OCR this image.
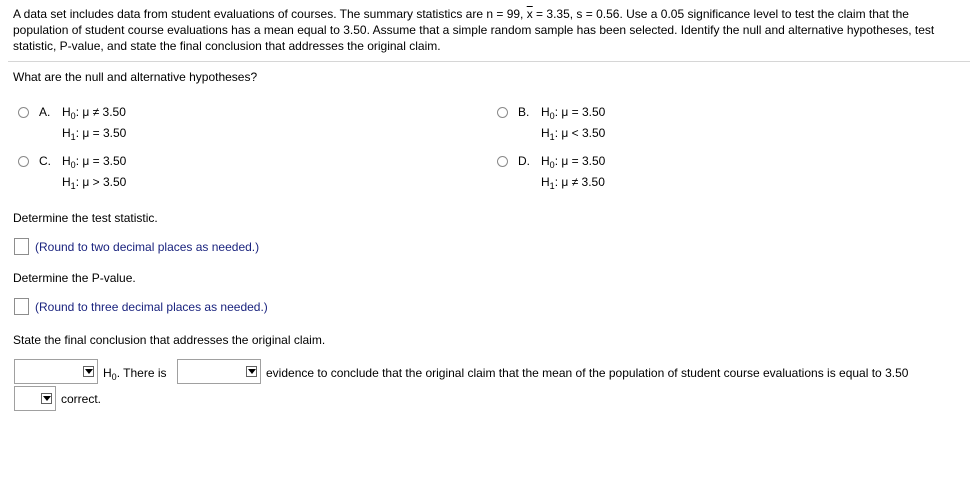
A data set includes data from student evaluations of courses. The summary statistics are n = 99, $\overline{x} = 3.35$, s = 0.56. Use a 0.05 significance level to test the claim that the population of student course evaluations has a mean equal to 3.50. Assume that a simple random sample has been selected. Identify the null and alternative hypotheses, test statistic, P-value, and state the final conclusion that addresses the original claim.
What are the null and alternative hypotheses?
A. $H_0$: μ ≠ 3.50
$H_1$: μ = 3.50
B. $H_0$: μ = 3.50
$H_1$: μ < 3.50
C. $H_0$: μ = 3.50
$H_1$: μ > 3.50
D. $H_0$: μ = 3.50
$H_1$: μ ≠ 3.50
Determine the test statistic.
(Round to two decimal places as needed.)
Determine the P-value.
(Round to three decimal places as needed.)
State the final conclusion that addresses the original claim.
$H_0$. There is	evidence to conclude that the original claim that the mean of the population of student course evaluations is equal to 3.50
correct.
